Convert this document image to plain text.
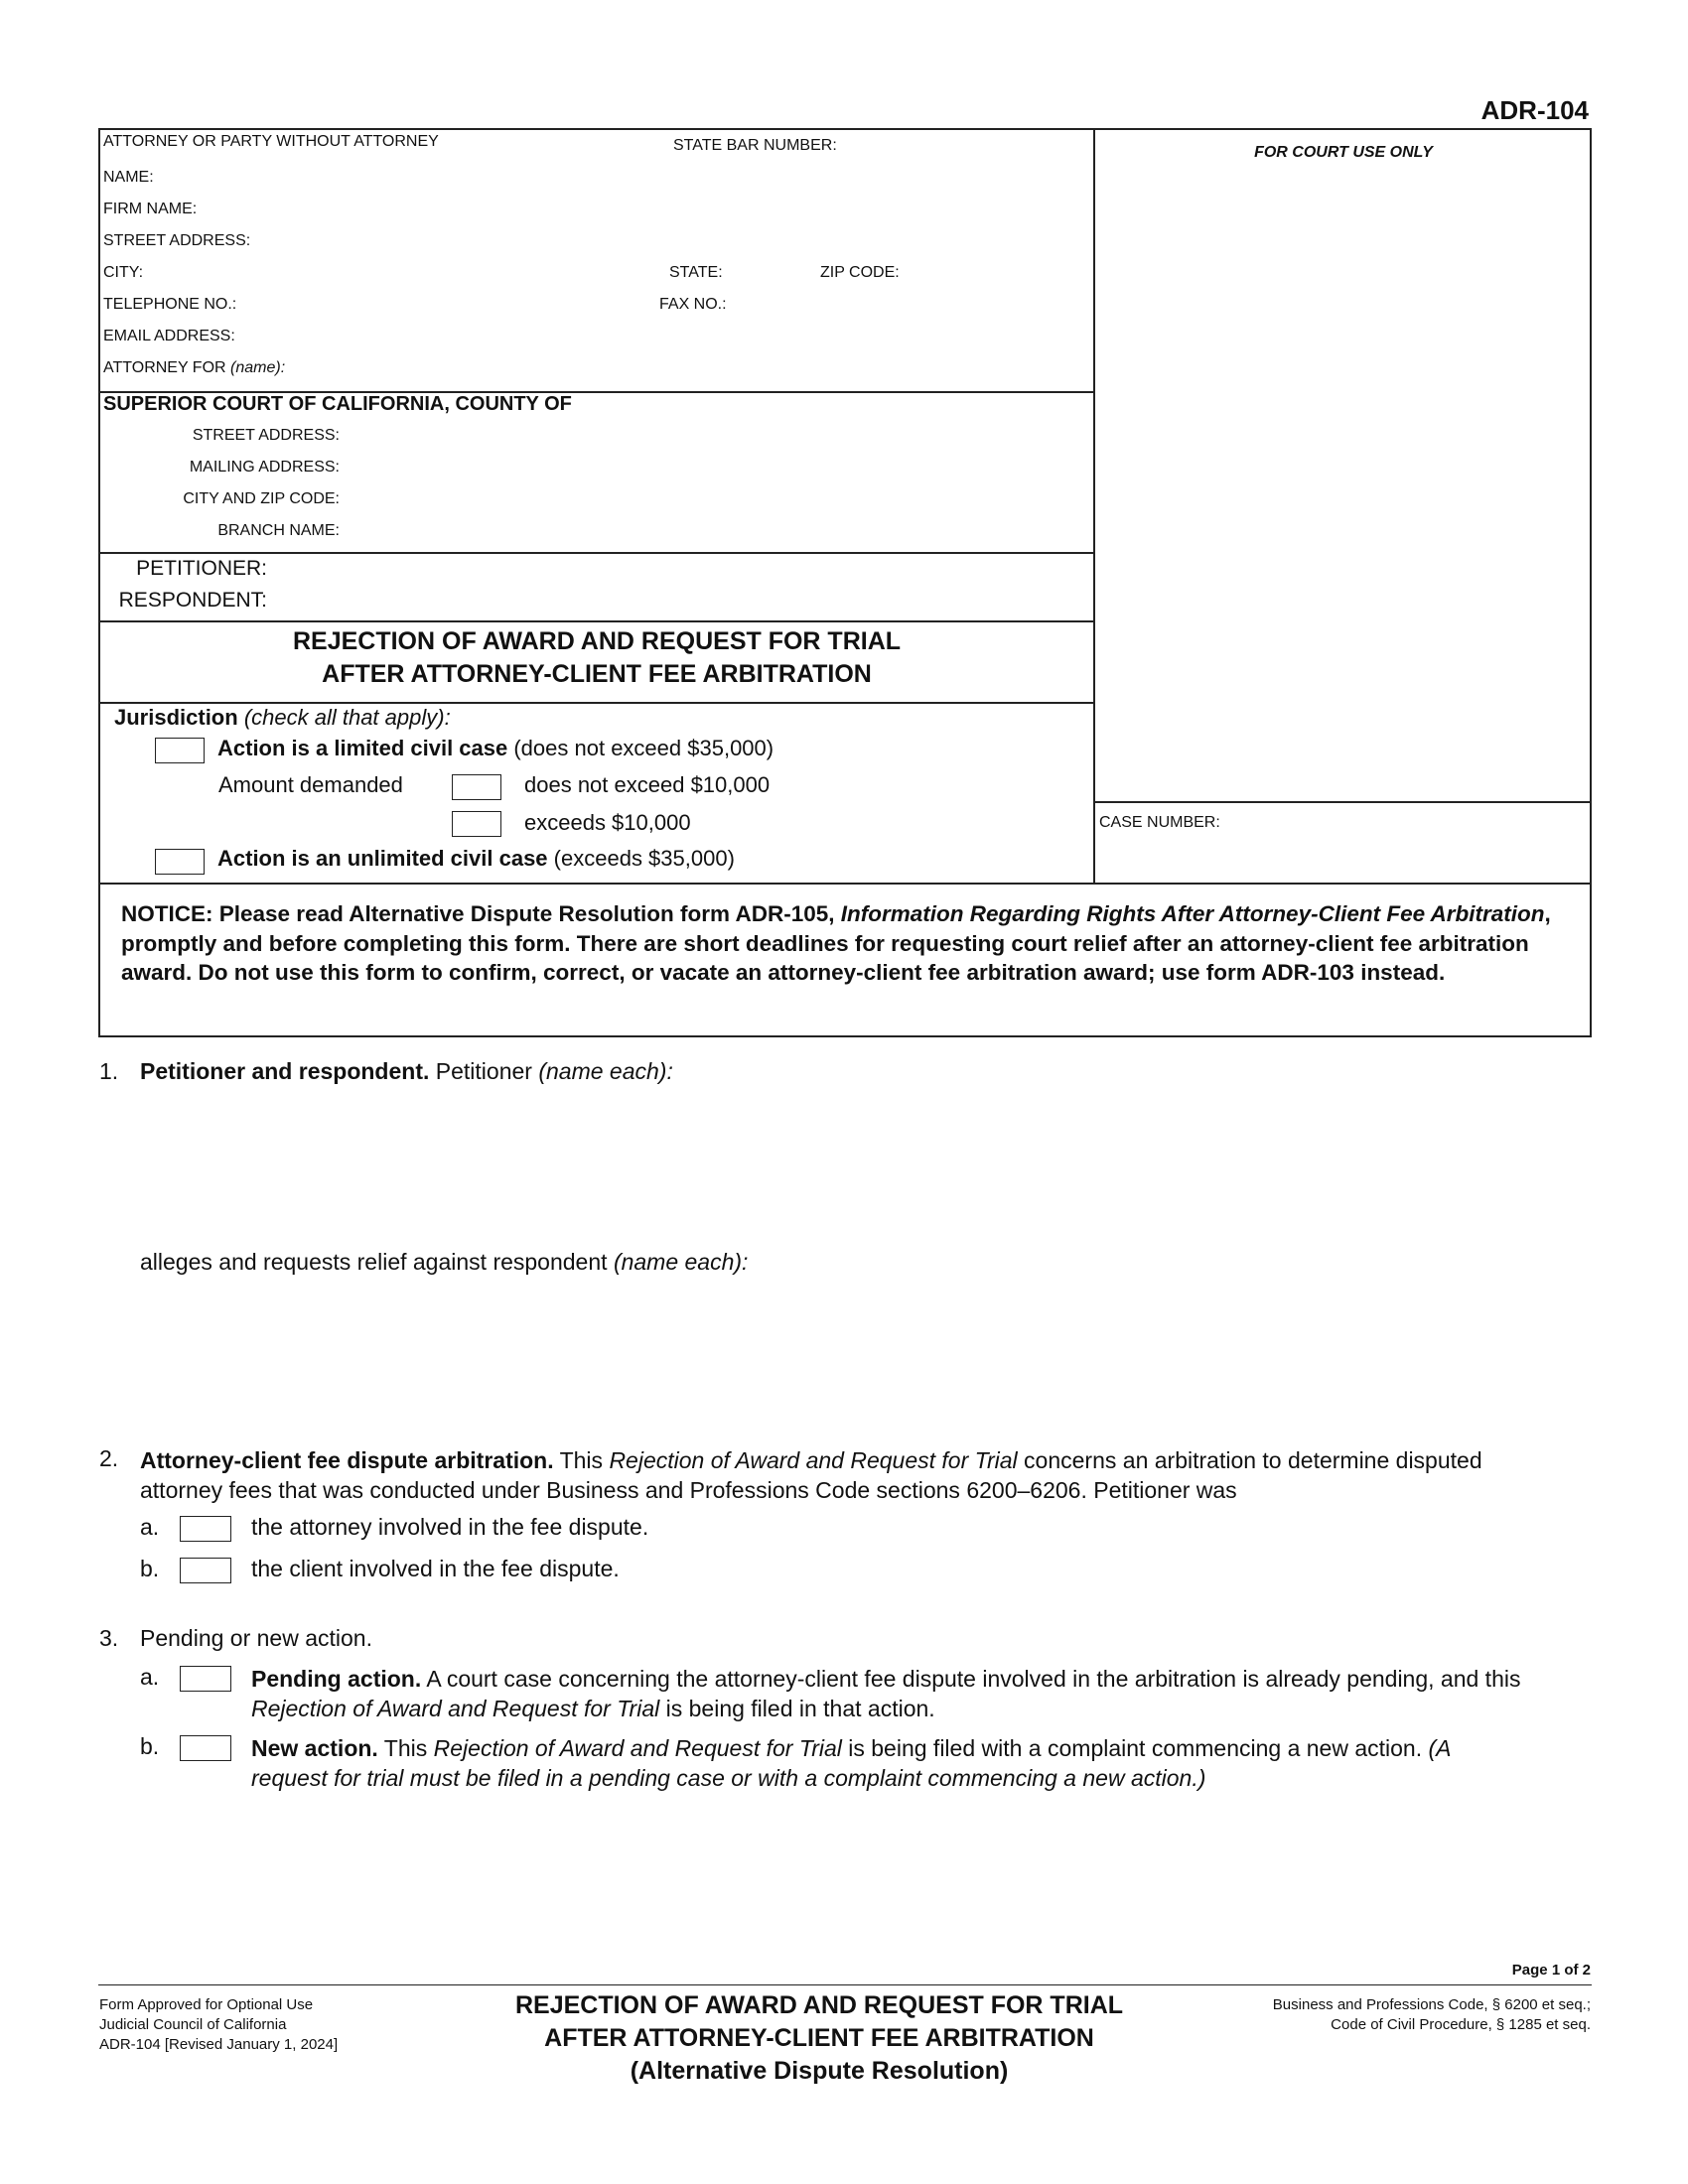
ADR-104
ATTORNEY OR PARTY WITHOUT ATTORNEY	STATE BAR NUMBER:
NAME:
FIRM NAME:
STREET ADDRESS:
CITY:	STATE:	ZIP CODE:
TELEPHONE NO.:	FAX NO.:
EMAIL ADDRESS:
ATTORNEY FOR (name):
FOR COURT USE ONLY
SUPERIOR COURT OF CALIFORNIA, COUNTY OF
STREET ADDRESS:
MAILING ADDRESS:
CITY AND ZIP CODE:
BRANCH NAME:
PETITIONER:
RESPONDENT:
REJECTION OF AWARD AND REQUEST FOR TRIAL
AFTER ATTORNEY-CLIENT FEE ARBITRATION
Jurisdiction (check all that apply):
Action is a limited civil case (does not exceed $35,000)
Amount demanded	does not exceed $10,000
exceeds $10,000
Action is an unlimited civil case (exceeds $35,000)
CASE NUMBER:
NOTICE: Please read Alternative Dispute Resolution form ADR-105, Information Regarding Rights After Attorney-Client Fee Arbitration, promptly and before completing this form. There are short deadlines for requesting court relief after an attorney-client fee arbitration award. Do not use this form to confirm, correct, or vacate an attorney-client fee arbitration award; use form ADR-103 instead.
1. Petitioner and respondent. Petitioner (name each):
alleges and requests relief against respondent (name each):
2. Attorney-client fee dispute arbitration. This Rejection of Award and Request for Trial concerns an arbitration to determine disputed attorney fees that was conducted under Business and Professions Code sections 6200–6206. Petitioner was
a.	the attorney involved in the fee dispute.
b.	the client involved in the fee dispute.
3. Pending or new action.
a.	Pending action. A court case concerning the attorney-client fee dispute involved in the arbitration is already pending, and this Rejection of Award and Request for Trial is being filed in that action.
b.	New action. This Rejection of Award and Request for Trial is being filed with a complaint commencing a new action. (A request for trial must be filed in a pending case or with a complaint commencing a new action.)
Page 1 of 2
Form Approved for Optional Use
Judicial Council of California
ADR-104 [Revised January 1, 2024]
REJECTION OF AWARD AND REQUEST FOR TRIAL
AFTER ATTORNEY-CLIENT FEE ARBITRATION
(Alternative Dispute Resolution)
Business and Professions Code, § 6200 et seq.;
Code of Civil Procedure, § 1285 et seq.
